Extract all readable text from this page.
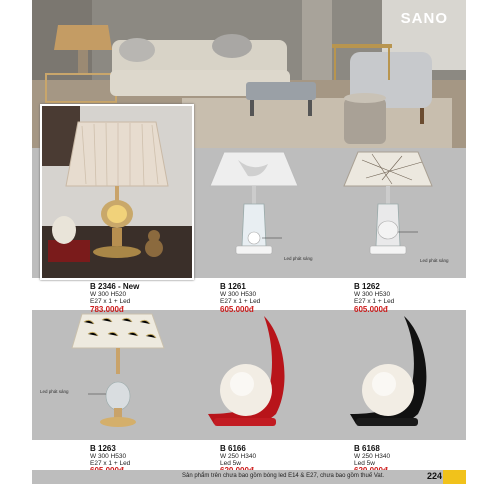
SANO
B 2346 - New
W 300 H520
E27 x 1 + Led
783.000đ
Led phát sáng
B 1261
W 300 H530
E27 x 1 + Led
605.000đ
Led phát sáng
B 1262
W 300 H530
E27 x 1 + Led
605.000đ
Led phát sáng
B 1263
W 300 H530
E27 x 1 + Led
B 6166
W 250 H340
Led 5w
B 6168
W 250 H340
Led 5w
Sản phẩm trên chưa bao gồm bóng led E14 & E27, chưa bao gồm thuế Vat.	224
